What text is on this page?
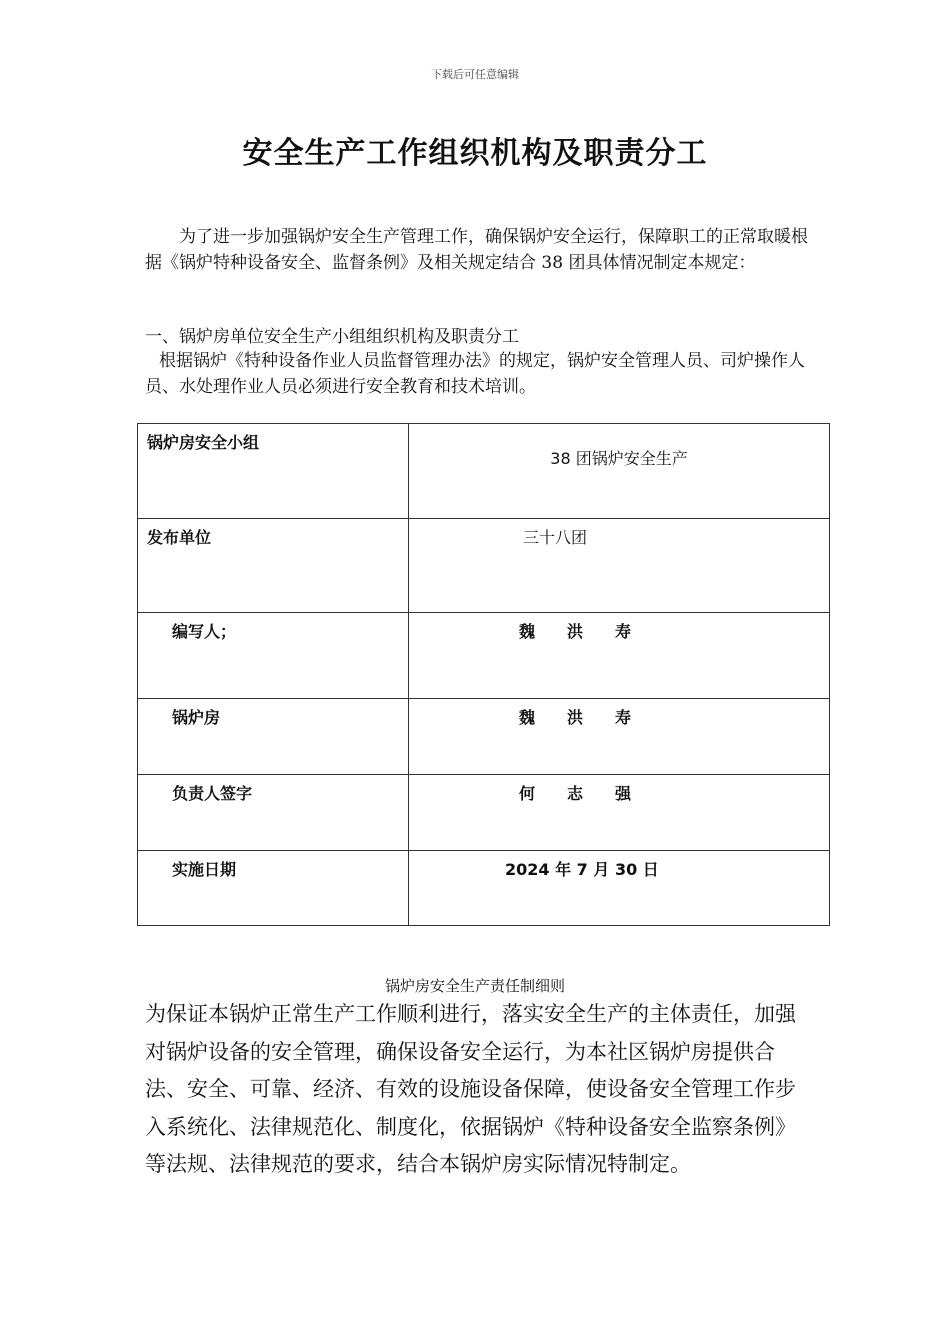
下载后可任意编辑
安全生产工作组织机构及职责分工

为了进一步加强锅炉安全生产管理工作，确保锅炉安全运行，保障职工的正常取暖根据《锅炉特种设备安全、监督条例》及相关规定结合 38 团具体情况制定本规定：

一、锅炉房单位安全生产小组组织机构及职责分工

根据锅炉《特种设备作业人员监督管理办法》的规定，锅炉安全管理人员、司炉操作人员、水处理作业人员必须进行安全教育和技术培训。

锅炉房安全小组	38 团锅炉安全生产

发布单位	三十八团

编写人；	魏　　洪　　寿

锅炉房	魏　　洪　　寿

负责人签字	何　　志　　强

实施日期	2024 年 7 月 30 日

锅炉房安全生产责任制细则

为保证本锅炉正常生产工作顺利进行，落实安全生产的主体责任，加强对锅炉设备的安全管理，确保设备安全运行，为本社区锅炉房提供合法、安全、可靠、经济、有效的设施设备保障，使设备安全管理工作步入系统化、法律规范化、制度化，依据锅炉《特种设备安全监察条例》等法规、法律规范的要求，结合本锅炉房实际情况特制定。
